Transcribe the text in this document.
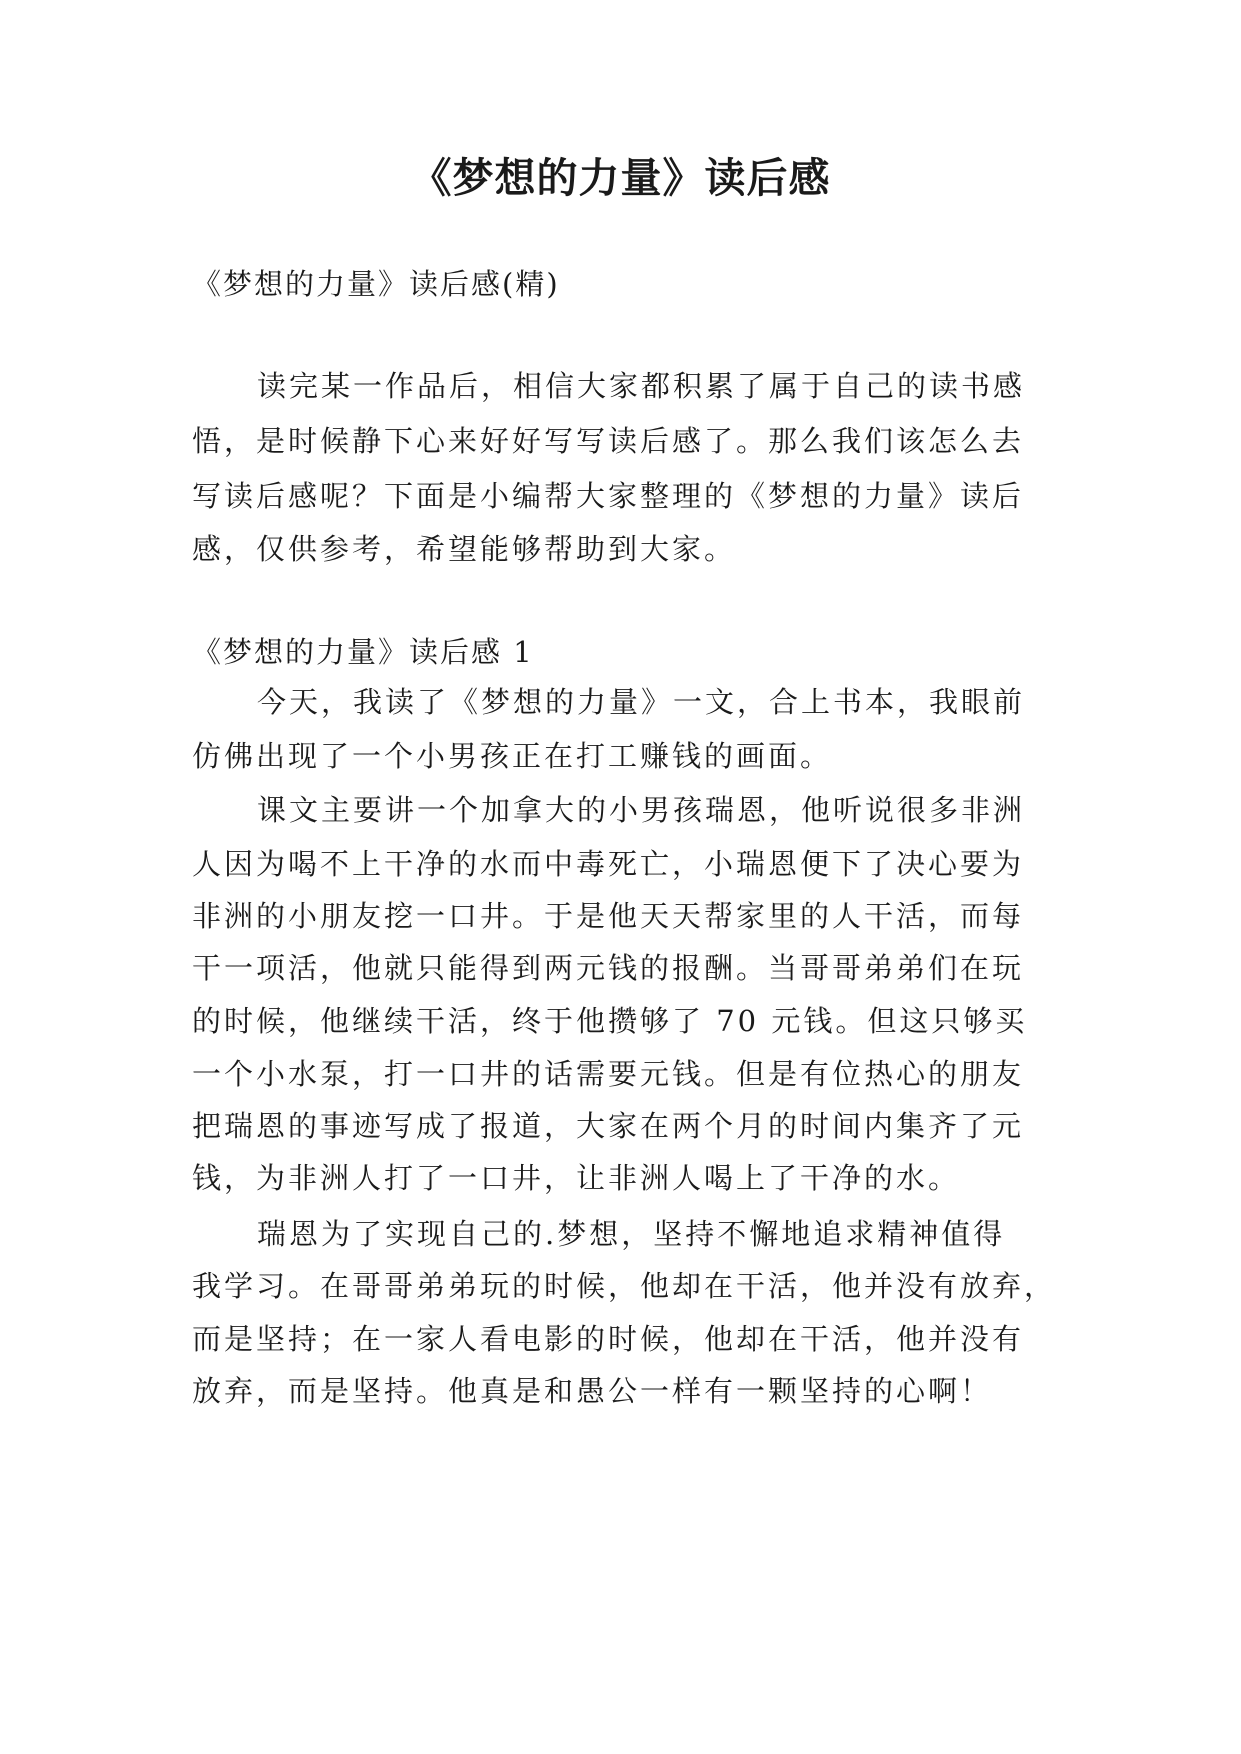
《梦想的力量》读后感
《梦想的力量》读后感(精)
读完某一作品后，相信大家都积累了属于自己的读书感
悟，是时候静下心来好好写写读后感了。那么我们该怎么去
写读后感呢？下面是小编帮大家整理的《梦想的力量》读后
感，仅供参考，希望能够帮助到大家。
《梦想的力量》读后感 1
今天，我读了《梦想的力量》一文，合上书本，我眼前
仿佛出现了一个小男孩正在打工赚钱的画面。
课文主要讲一个加拿大的小男孩瑞恩，他听说很多非洲
人因为喝不上干净的水而中毒死亡，小瑞恩便下了决心要为
非洲的小朋友挖一口井。于是他天天帮家里的人干活，而每
干一项活，他就只能得到两元钱的报酬。当哥哥弟弟们在玩
的时候，他继续干活，终于他攒够了 70 元钱。但这只够买
一个小水泵，打一口井的话需要元钱。但是有位热心的朋友
把瑞恩的事迹写成了报道，大家在两个月的时间内集齐了元
钱，为非洲人打了一口井，让非洲人喝上了干净的水。
瑞恩为了实现自己的.梦想，坚持不懈地追求精神值得
我学习。在哥哥弟弟玩的时候，他却在干活，他并没有放弃，
而是坚持；在一家人看电影的时候，他却在干活，他并没有
放弃，而是坚持。他真是和愚公一样有一颗坚持的心啊！
